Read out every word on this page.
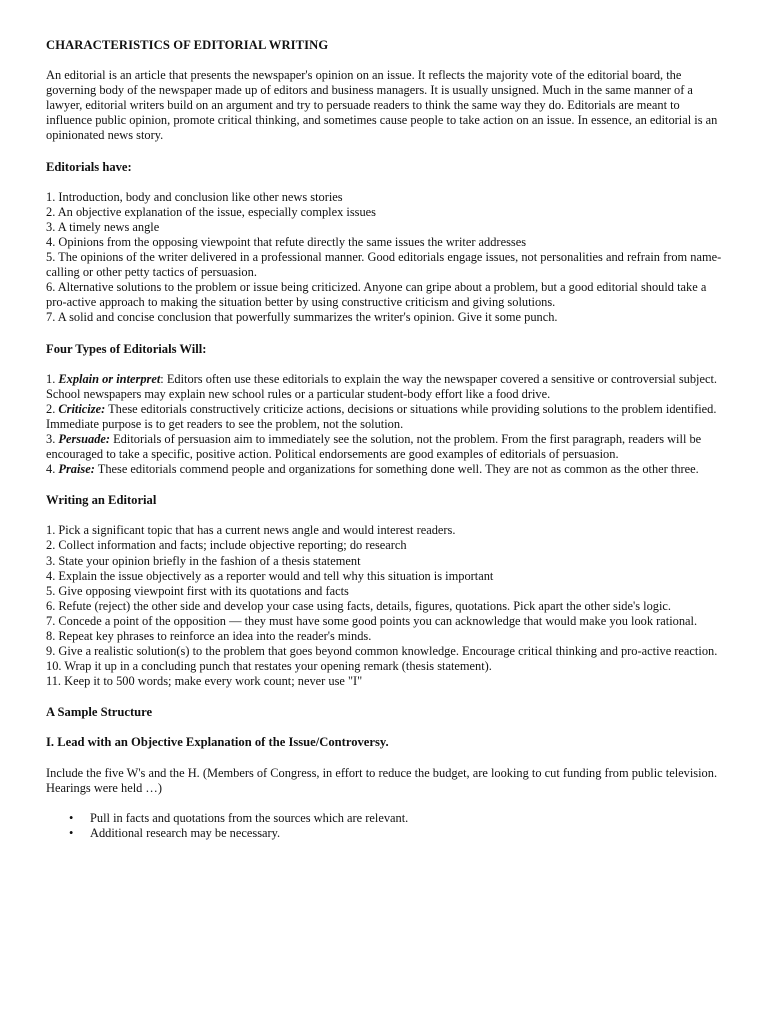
CHARACTERISTICS OF EDITORIAL WRITING

An editorial is an article that presents the newspaper's opinion on an issue. It reflects the majority vote of the editorial board, the governing body of the newspaper made up of editors and business managers. It is usually unsigned. Much in the same manner of a lawyer, editorial writers build on an argument and try to persuade readers to think the same way they do. Editorials are meant to influence public opinion, promote critical thinking, and sometimes cause people to take action on an issue. In essence, an editorial is an opinionated news story.

Editorials have:
1. Introduction, body and conclusion like other news stories
2. An objective explanation of the issue, especially complex issues
3. A timely news angle
4. Opinions from the opposing viewpoint that refute directly the same issues the writer addresses
5. The opinions of the writer delivered in a professional manner. Good editorials engage issues, not personalities and refrain from name-calling or other petty tactics of persuasion.
6. Alternative solutions to the problem or issue being criticized. Anyone can gripe about a problem, but a good editorial should take a pro-active approach to making the situation better by using constructive criticism and giving solutions.
7. A solid and concise conclusion that powerfully summarizes the writer's opinion. Give it some punch.
Four Types of Editorials Will:
1. Explain or interpret: Editors often use these editorials to explain the way the newspaper covered a sensitive or controversial subject. School newspapers may explain new school rules or a particular student-body effort like a food drive.
2. Criticize: These editorials constructively criticize actions, decisions or situations while providing solutions to the problem identified. Immediate purpose is to get readers to see the problem, not the solution.
3. Persuade: Editorials of persuasion aim to immediately see the solution, not the problem. From the first paragraph, readers will be encouraged to take a specific, positive action. Political endorsements are good examples of editorials of persuasion.
4. Praise: These editorials commend people and organizations for something done well. They are not as common as the other three.
Writing an Editorial
1. Pick a significant topic that has a current news angle and would interest readers.
2. Collect information and facts; include objective reporting; do research
3. State your opinion briefly in the fashion of a thesis statement
4. Explain the issue objectively as a reporter would and tell why this situation is important
5. Give opposing viewpoint first with its quotations and facts
6. Refute (reject) the other side and develop your case using facts, details, figures, quotations. Pick apart the other side's logic.
7. Concede a point of the opposition — they must have some good points you can acknowledge that would make you look rational.
8. Repeat key phrases to reinforce an idea into the reader's minds.
9. Give a realistic solution(s) to the problem that goes beyond common knowledge. Encourage critical thinking and pro-active reaction.
10. Wrap it up in a concluding punch that restates your opening remark (thesis statement).
11. Keep it to 500 words; make every work count; never use "I"
A Sample Structure
I. Lead with an Objective Explanation of the Issue/Controversy.

Include the five W's and the H. (Members of Congress, in effort to reduce the budget, are looking to cut funding from public television. Hearings were held …)

• Pull in facts and quotations from the sources which are relevant.
• Additional research may be necessary.
